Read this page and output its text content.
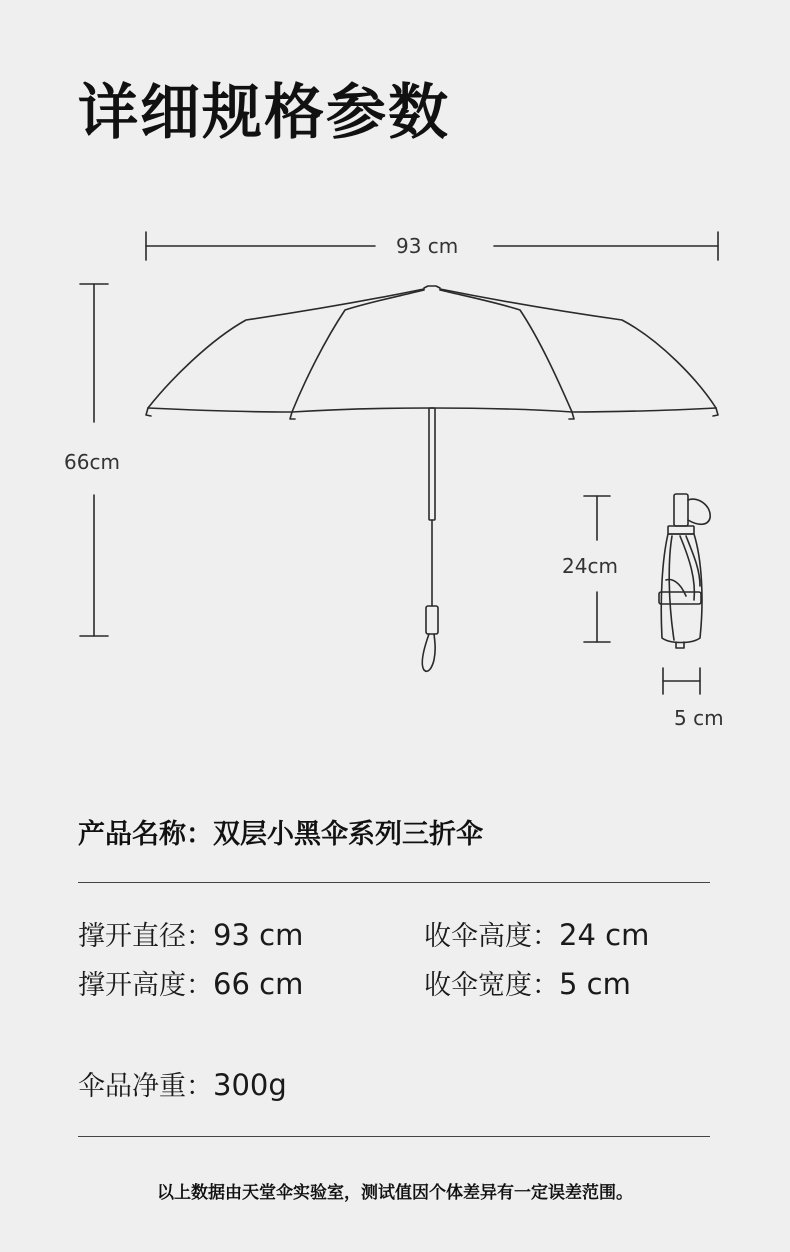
详细规格参数
93 cm
66cm
24cm
5 cm
产品名称：双层小黑伞系列三折伞
撑开直径：93 cm	收伞高度：24 cm
撑开高度：66 cm	收伞宽度：5 cm
伞品净重：300g
以上数据由天堂伞实验室，测试值因个体差异有一定误差范围。
